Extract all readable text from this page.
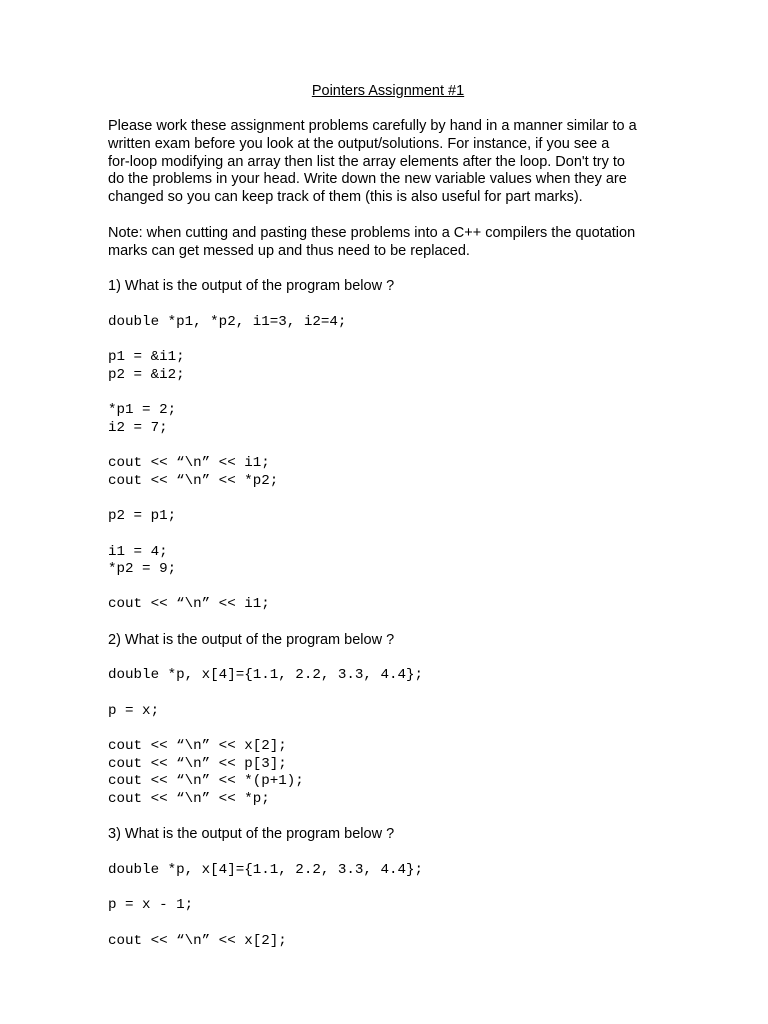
Pointers Assignment #1
Please work these assignment problems carefully by hand in a manner similar to a
written exam before you look at the output/solutions. For instance, if you see a
for-loop modifying an array then list the array elements after the loop. Don't try to
do the problems in your head. Write down the new variable values when they are
changed so you can keep track of them (this is also useful for part marks).
Note: when cutting and pasting these problems into a C++ compilers the quotation
marks can get messed up and thus need to be replaced.
1) What is the output of the program below ?
double *p1, *p2, i1=3, i2=4;
p1 = &i1;
p2 = &i2;
*p1 = 2;
i2 = 7;
cout << “\n” << i1;
cout << “\n” << *p2;
p2 = p1;
i1 = 4;
*p2 = 9;
cout << “\n” << i1;
2) What is the output of the program below ?
double *p, x[4]={1.1, 2.2, 3.3, 4.4};
p = x;
cout << “\n” << x[2];
cout << “\n” << p[3];
cout << “\n” << *(p+1);
cout << “\n” << *p;
3) What is the output of the program below ?
double *p, x[4]={1.1, 2.2, 3.3, 4.4};
p = x - 1;
cout << “\n” << x[2];
